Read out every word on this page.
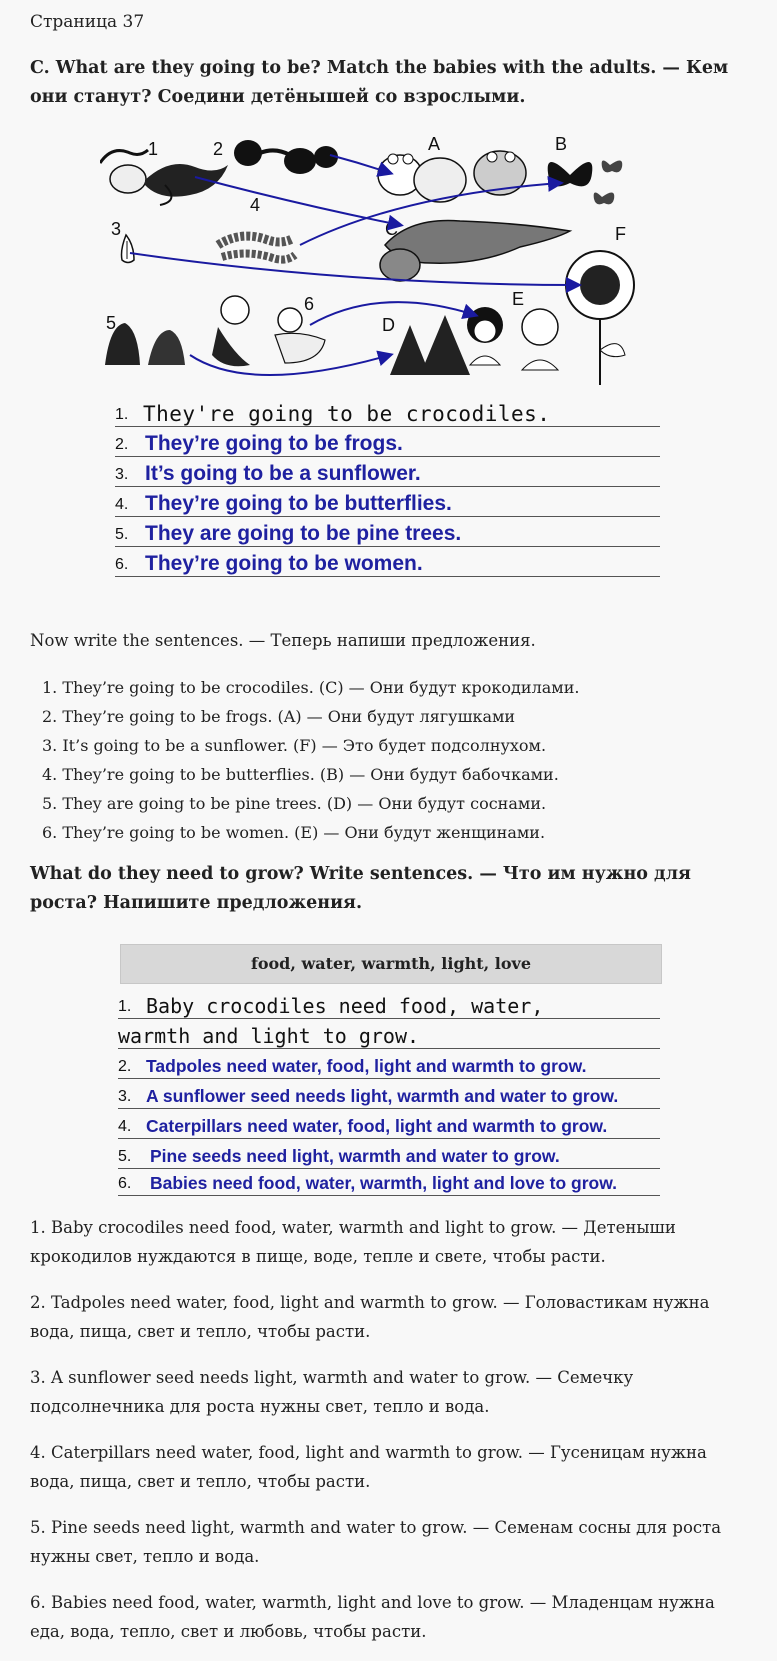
Страница 37
C. What are they going to be? Match the babies with the adults. — Кем они станут? Соедини детёнышей со взрослыми.
1	2
3
4
5
6
A	B
C
D
E
F
1. They're going to be crocodiles.
2. They’re going to be frogs.
3. It’s going to be a sunflower.
4. They’re going to be butterflies.
5. They are going to be pine trees.
6. They’re going to be women.
Now write the sentences. — Теперь напиши предложения.
1. They’re going to be crocodiles. (C) — Они будут крокодилами.
2. They’re going to be frogs. (A) — Они будут лягушками
3. It’s going to be a sunflower. (F) — Это будет подсолнухом.
4. They’re going to be butterflies. (B) — Они будут бабочками.
5. They are going to be pine trees. (D) — Они будут соснами.
6. They’re going to be women. (E) — Они будут женщинами.
What do they need to grow? Write sentences. — Что им нужно для роста? Напишите предложения.
food, water, warmth, light, love
1. Baby crocodiles need food, water,
warmth and light to grow.
2. Tadpoles need water, food, light and warmth to grow.
3. A sunflower seed needs light, warmth and water to grow.
4. Caterpillars need water, food, light and warmth to grow.
5. Pine seeds need light, warmth and water to grow.
6. Babies need food, water, warmth, light and love to grow.
1. Baby crocodiles need food, water, warmth and light to grow. — Детеныши крокодилов нуждаются в пище, воде, тепле и свете, чтобы расти.
2. Tadpoles need water, food, light and warmth to grow. — Головастикам нужна вода, пища, свет и тепло, чтобы расти.
3. A sunflower seed needs light, warmth and water to grow. — Семечку подсолнечника для роста нужны свет, тепло и вода.
4. Caterpillars need water, food, light and warmth to grow. — Гусеницам нужна вода, пища, свет и тепло, чтобы расти.
5. Pine seeds need light, warmth and water to grow. — Семенам сосны для роста нужны свет, тепло и вода.
6. Babies need food, water, warmth, light and love to grow. — Младенцам нужна еда, вода, тепло, свет и любовь, чтобы расти.
